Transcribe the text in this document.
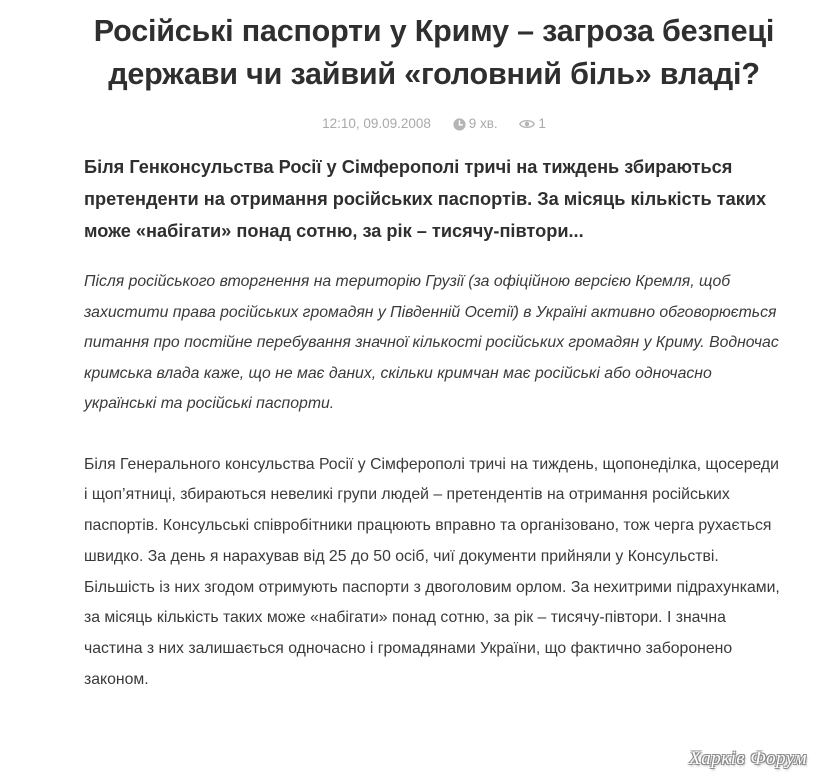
Російські паспорти у Криму – загроза безпеці держави чи зайвий «головний біль» владі?
12:10, 09.09.2008
	9 хв.
	1

Біля Генконсульства Росії у Сімферополі тричі на тиждень збираються претенденти на отримання російських паспортів. За місяць кількість таких може «набігати» понад сотню, за рік – тисячу-півтори...

Після російського вторгнення на територію Грузії (за офіційною версією Кремля, щоб захистити права російських громадян у Південній Осетії) в Україні активно обговорюється питання про постійне перебування значної кількості російських громадян у Криму. Водночас кримська влада каже, що не має даних, скільки кримчан має російські або одночасно українські та російські паспорти.

Біля Генерального консульства Росії у Сімферополі тричі на тиждень, щопонеділка, щосереди і щоп’ятниці, збираються невеликі групи людей – претендентів на отримання російських паспортів. Консульські співробітники працюють вправно та організовано, тож черга рухається швидко. За день я нарахував від 25 до 50 осіб, чиї документи прийняли у Консульстві. Більшість із них згодом отримують паспорти з двоголовим орлом. За нехитрими підрахунками, за місяць кількість таких може «набігати» понад сотню, за рік – тисячу-півтори. І значна частина з них залишається одночасно і громадянами України, що фактично заборонено законом.

Харків Форум
